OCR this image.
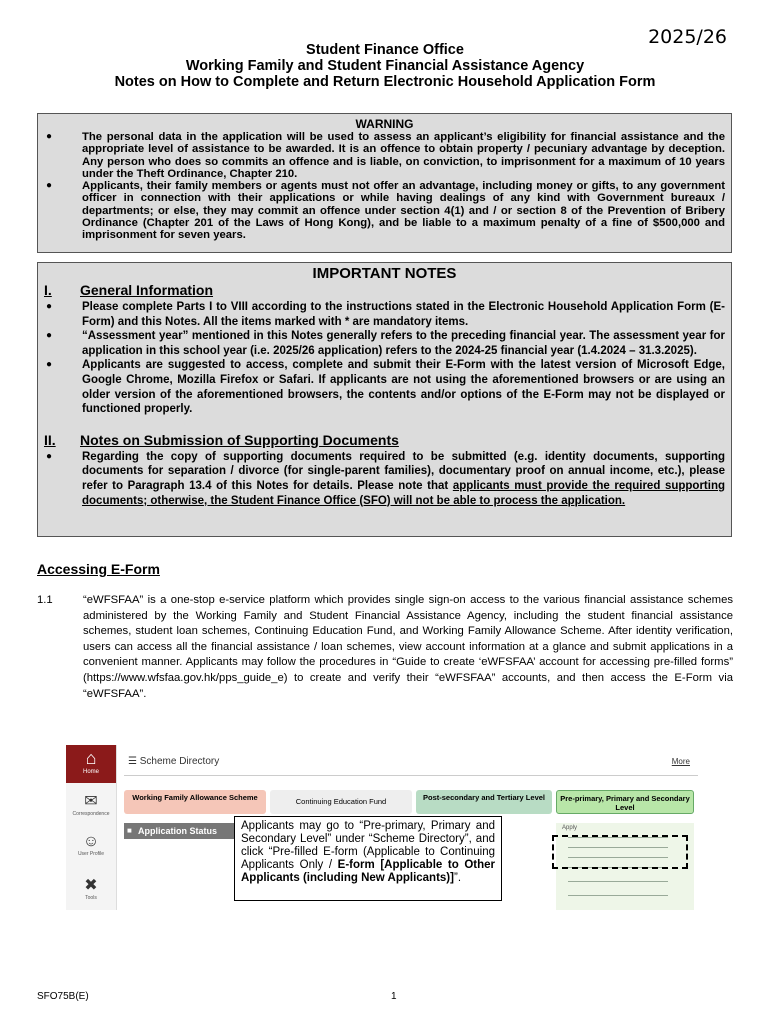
2025/26
Student Finance Office
Working Family and Student Financial Assistance Agency
Notes on How to Complete and Return Electronic Household Application Form
WARNING
● The personal data in the application will be used to assess an applicant’s eligibility for financial assistance and the appropriate level of assistance to be awarded. It is an offence to obtain property / pecuniary advantage by deception. Any person who does so commits an offence and is liable, on conviction, to imprisonment for a maximum of 10 years under the Theft Ordinance, Chapter 210.
● Applicants, their family members or agents must not offer an advantage, including money or gifts, to any government officer in connection with their applications or while having dealings of any kind with Government bureaux / departments; or else, they may commit an offence under section 4(1) and / or section 8 of the Prevention of Bribery Ordinance (Chapter 201 of the Laws of Hong Kong), and be liable to a maximum penalty of a fine of $500,000 and imprisonment for seven years.
IMPORTANT NOTES
I.	General Information
● Please complete Parts I to VIII according to the instructions stated in the Electronic Household Application Form (E-Form) and this Notes. All the items marked with * are mandatory items.
● “Assessment year” mentioned in this Notes generally refers to the preceding financial year. The assessment year for application in this school year (i.e. 2025/26 application) refers to the 2024-25 financial year (1.4.2024 – 31.3.2025).
● Applicants are suggested to access, complete and submit their E-Form with the latest version of Microsoft Edge, Google Chrome, Mozilla Firefox or Safari. If applicants are not using the aforementioned browsers or are using an older version of the aforementioned browsers, the contents and/or options of the E-Form may not be displayed or functioned properly.
II.	Notes on Submission of Supporting Documents
● Regarding the copy of supporting documents required to be submitted (e.g. identity documents, supporting documents for separation / divorce (for single-parent families), documentary proof on annual income, etc.), please refer to Paragraph 13.4 of this Notes for details. Please note that applicants must provide the required supporting documents; otherwise, the Student Finance Office (SFO) will not be able to process the application.
Accessing E-Form
1.1	“eWFSFAA” is a one-stop e-service platform which provides single sign-on access to the various financial assistance schemes administered by the Working Family and Student Financial Assistance Agency, including the student financial assistance schemes, student loan schemes, Continuing Education Fund, and Working Family Allowance Scheme. After identity verification, users can access all the financial assistance / loan schemes, view account information at a glance and submit applications in a convenient manner. Applicants may follow the procedures in “Guide to create ‘eWFSFAA’ account for accessing pre-filled forms” (https://www.wfsfaa.gov.hk/pps_guide_e) to create and verify their “eWFSFAA” accounts, and then access the E-Form via “eWFSFAA”.
⌂
Home
✉
Correspondence
☺
User Profile
✖
Tools
☰ Scheme Directory	More
Working Family Allowance Scheme	Continuing Education Fund	Post-secondary and Tertiary Level	Pre-primary, Primary and Secondary Level
■ Application Status	Apply
Applicants may go to “Pre-primary, Primary and Secondary Level” under “Scheme Directory”, and click “Pre-filled E-form (Applicable to Continuing Applicants Only / E-form [Applicable to Other Applicants (including New Applicants)]”.
SFO75B(E)	1
